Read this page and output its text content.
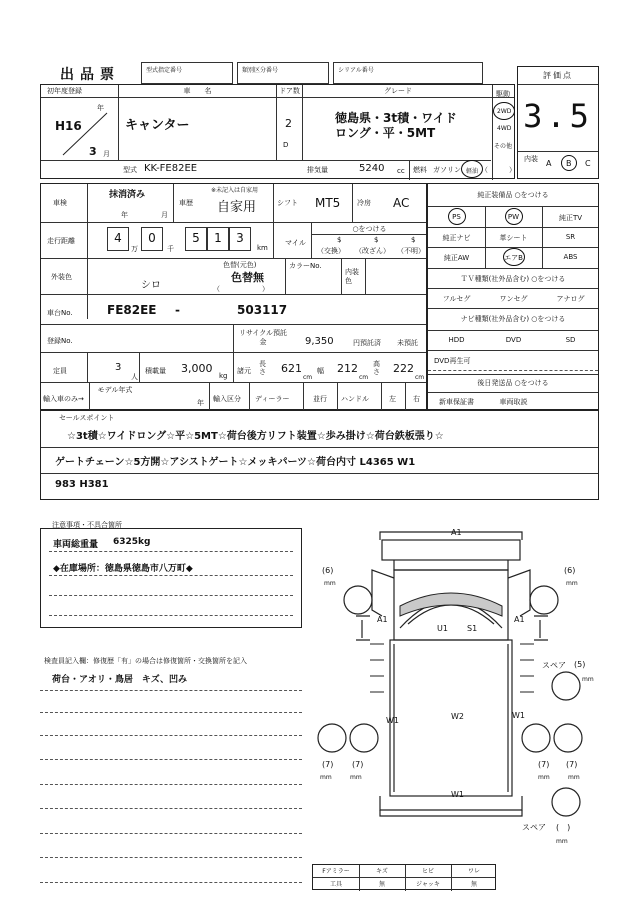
出品票	型式指定番号	類別区分番号	シリアル番号
評価点
3.5
内装 A B C
初年度登録	車　　名	ドア数	グレード
H16
年
3 月
キャンター	2
D
徳島県・3t積・ワイド
ロング・平・5MT
駆動
2WD
4WD
その他
型式 KK-FE82EE	排気量	5240 cc 燃料 ガソリン 軽油 （　　　）
車検
抹消済み
年	月
車歴
※未記入は自家用
自家用	シフト MT5 冷房 AC
走行距離	4
万
0
千
5	1	3
km
マイル
○をつける
$
（交換）
$
（改ざん）
$
（不明）
外装色
シロ
色替(元色)
色替無
（　　　　　　）
カラーNo.
内装色
車台No.	FE82EE -	503117
登録No.
リサイクル預託金	9,350	円預託済 未預託
定員	3
人
積載量 3,000
kg
諸元
長さ 621
cm
幅 212
cm
高さ 222
cm
輸入車のみ→
モデル年式
年 輸入区分 ディーラー	並行 ハンドル	左 右
純正装備品 ○をつける
PS	PW	純正TV
純正ナビ	革シート	SR
純正AW	エアB	ABS
ＴＶ種類(社外品含む) ○をつける
フルセグ	ワンセグ	アナログ
ナビ種類(社外品含む) ○をつける
HDD	DVD	SD
DVD再生可
後日発送品 ○をつける
新車保証書	車両取説
セールスポイント
☆3t積☆ワイドロング☆平☆5MT☆荷台後方リフト装置☆歩み掛け☆荷台鉄板張り☆
ゲートチェーン☆5方開☆アシストゲート☆メッキパーツ☆荷台内寸 L4365 W1
983 H381
注意事項・不具合箇所
車両総重量 6325kg
◆在庫場所：徳島県徳島市八万町◆
検査員記入欄：修復歴「有」の場合は修復箇所・交換箇所を記入
荷台・アオリ・鳥居　キズ、凹み
A1
A1	A1
U1 S1
W1	W2	W1
W1
(6)
mm
(6)
mm
(7)
mm
(7)
mm
(7)
mm
(7)
mm
スペア (5)
mm
スペア (　)
mm
Fアミラー	キズ	ヒビ	ワレ
工具	無	ジャッキ	無
